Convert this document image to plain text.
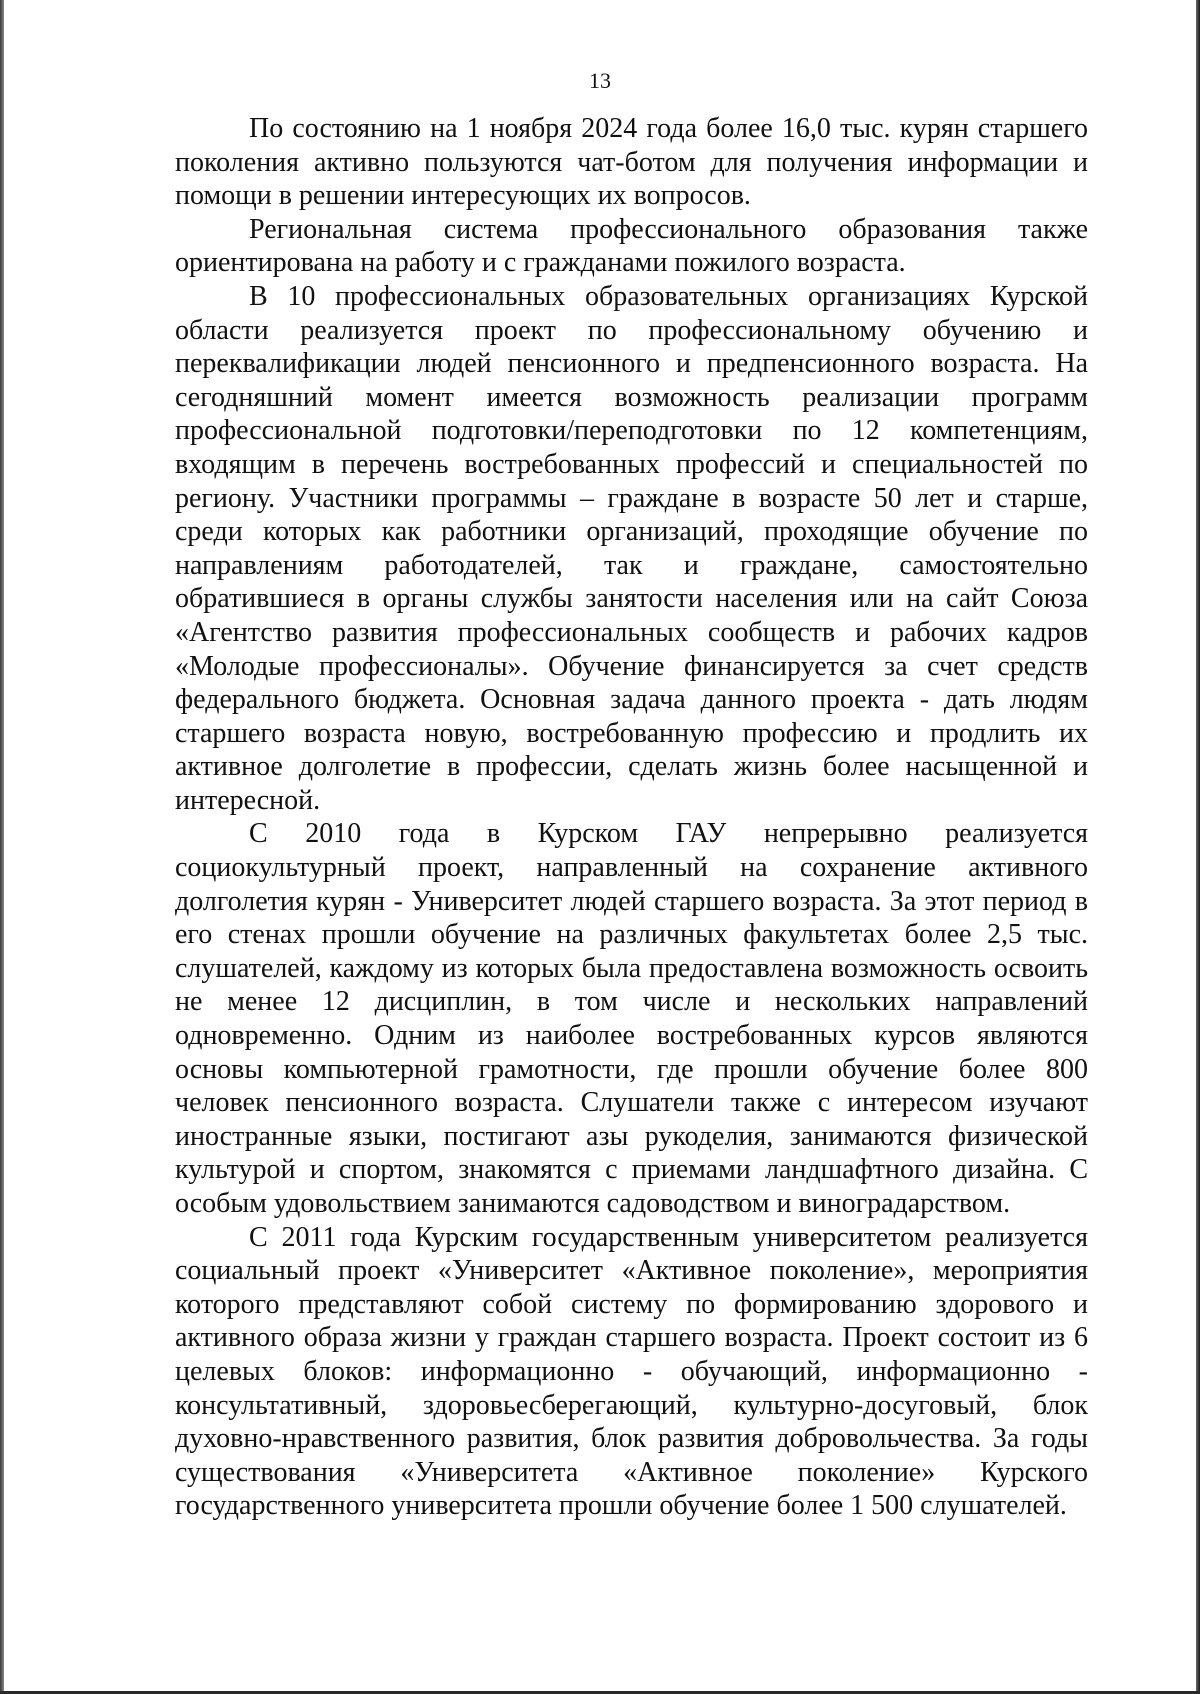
13

По состоянию на 1 ноября 2024 года более 16,0 тыс. курян старшего поколения активно пользуются чат-ботом для получения информации и помощи в решении интересующих их вопросов.

Региональная система профессионального образования также ориентирована на работу и с гражданами пожилого возраста.

В 10 профессиональных образовательных организациях Курской области реализуется проект по профессиональному обучению и переквалификации людей пенсионного и предпенсионного возраста. На сегодняшний момент имеется возможность реализации программ профессиональной подготовки/переподготовки по 12 компетенциям, входящим в перечень востребованных профессий и специальностей по региону. Участники программы – граждане в возрасте 50 лет и старше, среди которых как работники организаций, проходящие обучение по направлениям работодателей, так и граждане, самостоятельно обратившиеся в органы службы занятости населения или на сайт Союза «Агентство развития профессиональных сообществ и рабочих кадров «Молодые профессионалы». Обучение финансируется за счет средств федерального бюджета. Основная задача данного проекта - дать людям старшего возраста новую, востребованную профессию и продлить их активное долголетие в профессии, сделать жизнь более насыщенной и интересной.

С 2010 года в Курском ГАУ непрерывно реализуется социокультурный проект, направленный на сохранение активного долголетия курян - Университет людей старшего возраста. За этот период в его стенах прошли обучение на различных факультетах более 2,5 тыс. слушателей, каждому из которых была предоставлена возможность освоить не менее 12 дисциплин, в том числе и нескольких направлений одновременно. Одним из наиболее востребованных курсов являются основы компьютерной грамотности, где прошли обучение более 800 человек пенсионного возраста. Слушатели также с интересом изучают иностранные языки, постигают азы рукоделия, занимаются физической культурой и спортом, знакомятся с приемами ландшафтного дизайна. С особым удовольствием занимаются садоводством и виноградарством.

С 2011 года Курским государственным университетом реализуется социальный проект «Университет «Активное поколение», мероприятия которого представляют собой систему по формированию здорового и активного образа жизни у граждан старшего возраста. Проект состоит из 6 целевых блоков: информационно - обучающий, информационно - консультативный, здоровьесберегающий, культурно-досуговый, блок духовно-нравственного развития, блок развития добровольчества. За годы существования «Университета «Активное поколение» Курского государственного университета прошли обучение более 1 500 слушателей.
